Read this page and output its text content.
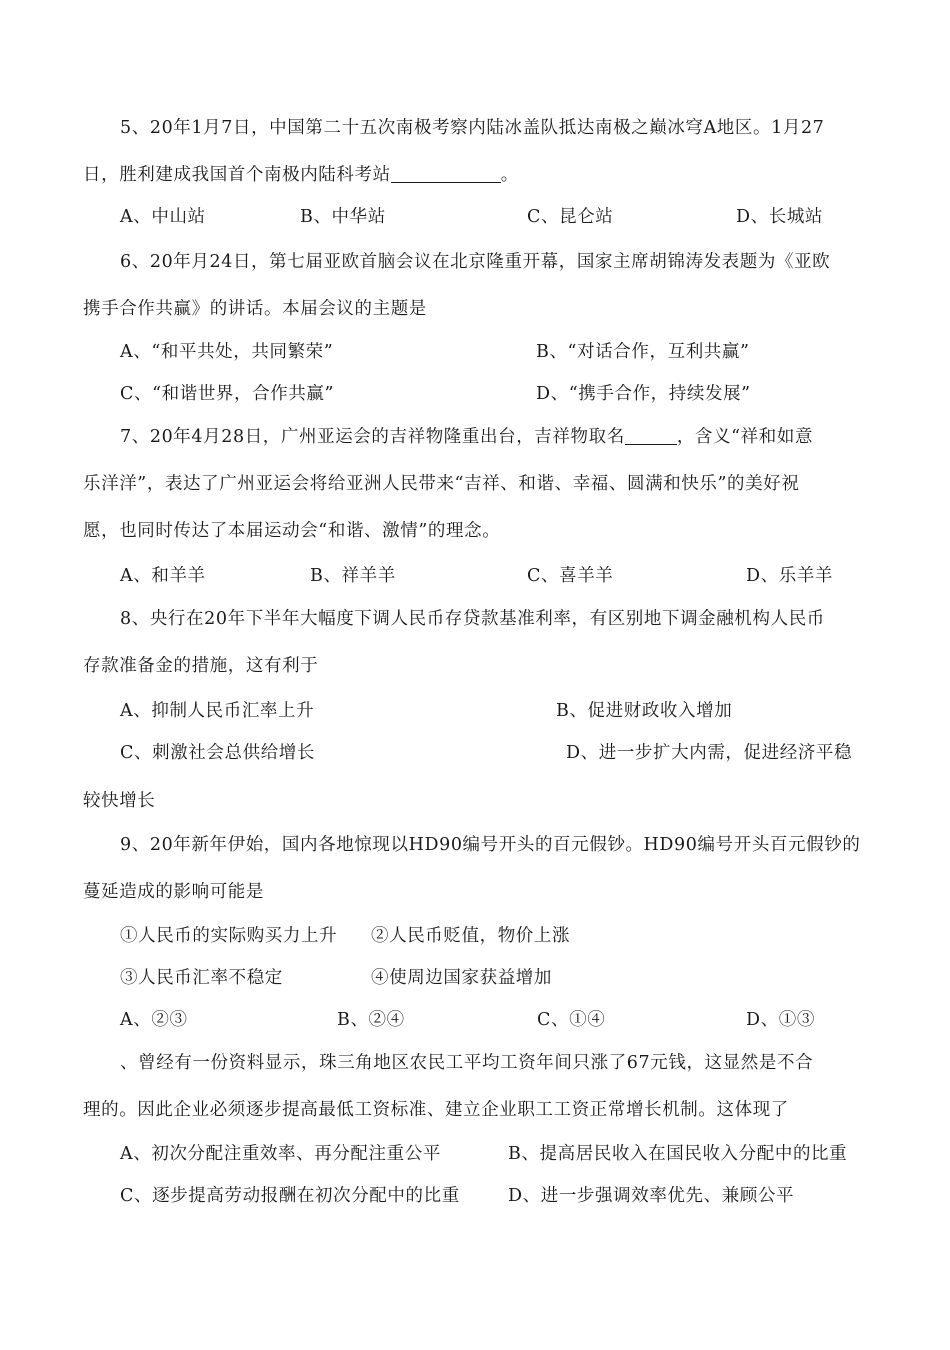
5、20年1月7日，中国第二十五次南极考察内陆冰盖队抵达南极之巅冰穹A地区。1月27
日，胜利建成我国首个南极内陆科考站	。
A、中山站	B、中华站	C、昆仑站	D、长城站
6、20年月24日，第七届亚欧首脑会议在北京隆重开幕，国家主席胡锦涛发表题为《亚欧
携手合作共赢》的讲话。本届会议的主题是
A、“和平共处，共同繁荣”	B、“对话合作，互利共赢”
C、“和谐世界，合作共赢”	D、“携手合作，持续发展”
7、20年4月28日，广州亚运会的吉祥物隆重出台，吉祥物取名	，含义“祥和如意
乐洋洋”，表达了广州亚运会将给亚洲人民带来“吉祥、和谐、幸福、圆满和快乐”的美好祝
愿，也同时传达了本届运动会“和谐、激情”的理念。
A、和羊羊	B、祥羊羊	C、喜羊羊	D、乐羊羊
8、央行在20年下半年大幅度下调人民币存贷款基准利率，有区别地下调金融机构人民币
存款准备金的措施，这有利于
A、抑制人民币汇率上升	B、促进财政收入增加
C、刺激社会总供给增长	D、进一步扩大内需，促进经济平稳
较快增长
9、20年新年伊始，国内各地惊现以HD90编号开头的百元假钞。HD90编号开头百元假钞的
蔓延造成的影响可能是
①人民币的实际购买力上升 ②人民币贬值，物价上涨
③人民币汇率不稳定	④使周边国家获益增加
A、②③	B、②④	C、①④	D、①③
、曾经有一份资料显示，珠三角地区农民工平均工资年间只涨了67元钱，这显然是不合
理的。因此企业必须逐步提高最低工资标准、建立企业职工工资正常增长机制。这体现了
A、初次分配注重效率、再分配注重公平	B、提高居民收入在国民收入分配中的比重
C、逐步提高劳动报酬在初次分配中的比重	D、进一步强调效率优先、兼顾公平
